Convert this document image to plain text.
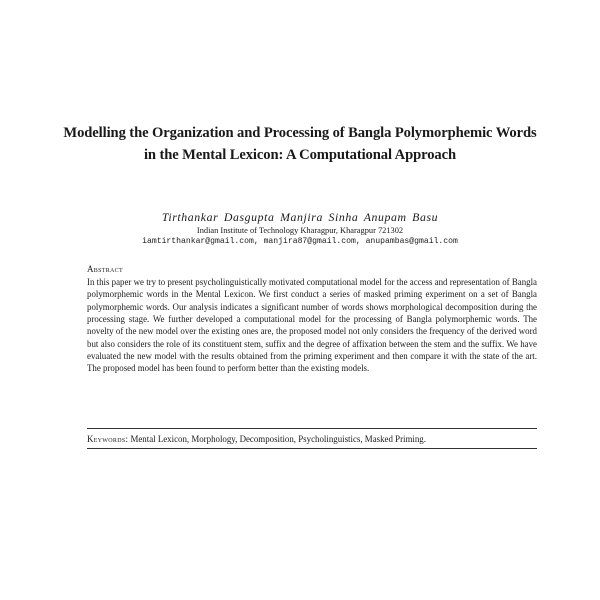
Modelling the Organization and Processing of Bangla Polymorphemic Words in the Mental Lexicon: A Computational Approach
Tirthankar Dasgupta Manjira Sinha Anupam Basu
Indian Institute of Technology Kharagpur, Kharagpur 721302
iamtirthankar@gmail.com, manjira87@gmail.com, anupambas@gmail.com
Abstract
In this paper we try to present psycholinguistically motivated computational model for the access and representation of Bangla polymorphemic words in the Mental Lexicon. We first conduct a series of masked priming experiment on a set of Bangla polymorphemic words. Our analysis indicates a significant number of words shows morphological decomposition during the processing stage. We further developed a computational model for the processing of Bangla polymorphemic words. The novelty of the new model over the existing ones are, the proposed model not only considers the frequency of the derived word but also considers the role of its constituent stem, suffix and the degree of affixation between the stem and the suffix. We have evaluated the new model with the results obtained from the priming experiment and then compare it with the state of the art. The proposed model has been found to perform better than the existing models.
Keywords: Mental Lexicon, Morphology, Decomposition, Psycholinguistics, Masked Priming.
